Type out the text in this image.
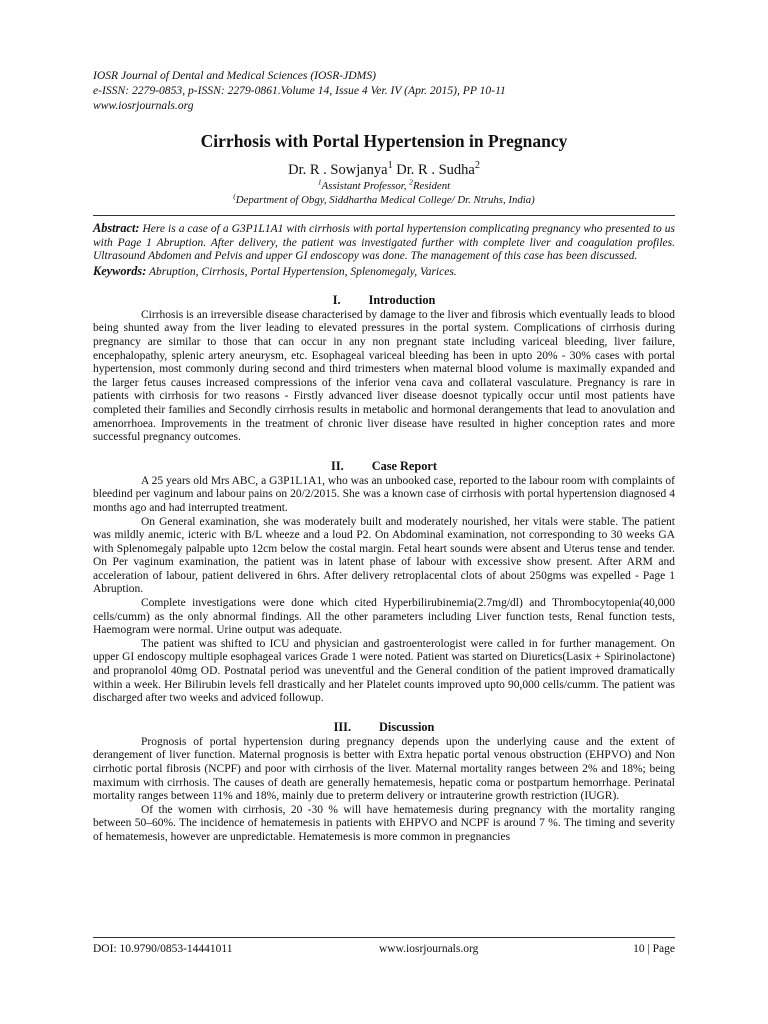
IOSR Journal of Dental and Medical Sciences (IOSR-JDMS)
e-ISSN: 2279-0853, p-ISSN: 2279-0861.Volume 14, Issue 4 Ver. IV (Apr. 2015), PP 10-11
www.iosrjournals.org
Cirrhosis with Portal Hypertension in Pregnancy
Dr. R . Sowjanya$^1$ Dr. R . Sudha$^2$
$^1$Assistant Professor, $^2$Resident
(Department of Obgy, Siddhartha Medical College/ Dr. Ntruhs, India)
Abstract: Here is a case of a G3P1L1A1 with cirrhosis with portal hypertension complicating pregnancy who presented to us with Page 1 Abruption. After delivery, the patient was investigated further with complete liver and coagulation profiles. Ultrasound Abdomen and Pelvis and upper GI endoscopy was done. The management of this case has been discussed.
Keywords: Abruption, Cirrhosis, Portal Hypertension, Splenomegaly, Varices.
I. Introduction

Cirrhosis is an irreversible disease characterised by damage to the liver and fibrosis which eventually leads to blood being shunted away from the liver leading to elevated pressures in the portal system. Complications of cirrhosis during pregnancy are similar to those that can occur in any non pregnant state including variceal bleeding, liver failure, encephalopathy, splenic artery aneurysm, etc. Esophageal variceal bleeding has been in upto 20% - 30% cases with portal hypertension, most commonly during second and third trimesters when maternal blood volume is maximally expanded and the larger fetus causes increased compressions of the inferior vena cava and collateral vasculature. Pregnancy is rare in patients with cirrhosis for two reasons - Firstly advanced liver disease doesnot typically occur until most patients have completed their families and Secondly cirrhosis results in metabolic and hormonal derangements that lead to anovulation and amenorrhoea. Improvements in the treatment of chronic liver disease have resulted in higher conception rates and more successful pregnancy outcomes.

II. Case Report

A 25 years old Mrs ABC, a G3P1L1A1, who was an unbooked case, reported to the labour room with complaints of bleedind per vaginum and labour pains on 20/2/2015. She was a known case of cirrhosis with portal hypertension diagnosed 4 months ago and had interrupted treatment.

On General examination, she was moderately built and moderately nourished, her vitals were stable. The patient was mildly anemic, icteric with B/L wheeze and a loud P2. On Abdominal examination, not corresponding to 30 weeks GA with Splenomegaly palpable upto 12cm below the costal margin. Fetal heart sounds were absent and Uterus tense and tender. On Per vaginum examination, the patient was in latent phase of labour with excessive show present. After ARM and acceleration of labour, patient delivered in 6hrs. After delivery retroplacental clots of about 250gms was expelled - Page 1 Abruption.

Complete investigations were done which cited Hyperbilirubinemia(2.7mg/dl) and Thrombocytopenia(40,000 cells/cumm) as the only abnormal findings. All the other parameters including Liver function tests, Renal function tests, Haemogram were normal. Urine output was adequate.

The patient was shifted to ICU and physician and gastroenterologist were called in for further management. On upper GI endoscopy multiple esophageal varices Grade 1 were noted. Patient was started on Diuretics(Lasix + Spirinolactone) and propranolol 40mg OD. Postnatal period was uneventful and the General condition of the patient improved dramatically within a week. Her Bilirubin levels fell drastically and her Platelet counts improved upto 90,000 cells/cumm. The patient was discharged after two weeks and adviced followup.

III. Discussion

Prognosis of portal hypertension during pregnancy depends upon the underlying cause and the extent of derangement of liver function. Maternal prognosis is better with Extra hepatic portal venous obstruction (EHPVO) and Non cirrhotic portal fibrosis (NCPF) and poor with cirrhosis of the liver. Maternal mortality ranges between 2% and 18%; being maximum with cirrhosis. The causes of death are generally hematemesis, hepatic coma or postpartum hemorrhage. Perinatal mortality ranges between 11% and 18%, mainly due to preterm delivery or intrauterine growth restriction (IUGR).

Of the women with cirrhosis, 20 -30 % will have hematemesis during pregnancy with the mortality ranging between 50–60%. The incidence of hematemesis in patients with EHPVO and NCPF is around 7 %. The timing and severity of hematemesis, however are unpredictable. Hematemesis is more common in pregnancies

DOI: 10.9790/0853-14441011	www.iosrjournals.org	10 | Page
